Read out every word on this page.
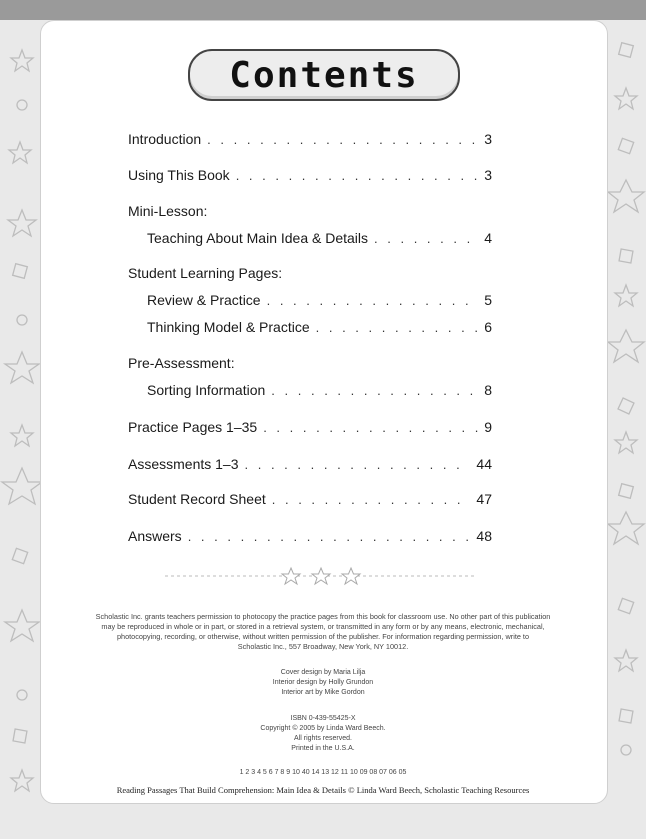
Contents
Introduction . . .	3
Using This Book . . .	3
Mini-Lesson:
Teaching About Main Idea & Details . . .	4
Student Learning Pages:
Review & Practice . . .	5
Thinking Model & Practice . . .	6
Pre-Assessment:
Sorting Information . . .	8
Practice Pages 1–35 . . .	9
Assessments 1–3 . . .	44
Student Record Sheet . . .	47
Answers . . .	48
Scholastic Inc. grants teachers permission to photocopy the practice pages from this book for classroom use. No other part of this publication
may be reproduced in whole or in part, or stored in a retrieval system, or transmitted in any form or by any means, electronic, mechanical,
photocopying, recording, or otherwise, without written permission of the publisher. For information regarding permission, write to
Scholastic Inc., 557 Broadway, New York, NY 10012.
Cover design by Maria Lilja
Interior design by Holly Grundon
Interior art by Mike Gordon
ISBN 0-439-55425-X
Copyright © 2005 by Linda Ward Beech.
All rights reserved.
Printed in the U.S.A.
1 2 3 4 5 6 7 8 9 10 40 14 13 12 11 10 09 08 07 06 05
Reading Passages That Build Comprehension: Main Idea & Details © Linda Ward Beech, Scholastic Teaching Resources
